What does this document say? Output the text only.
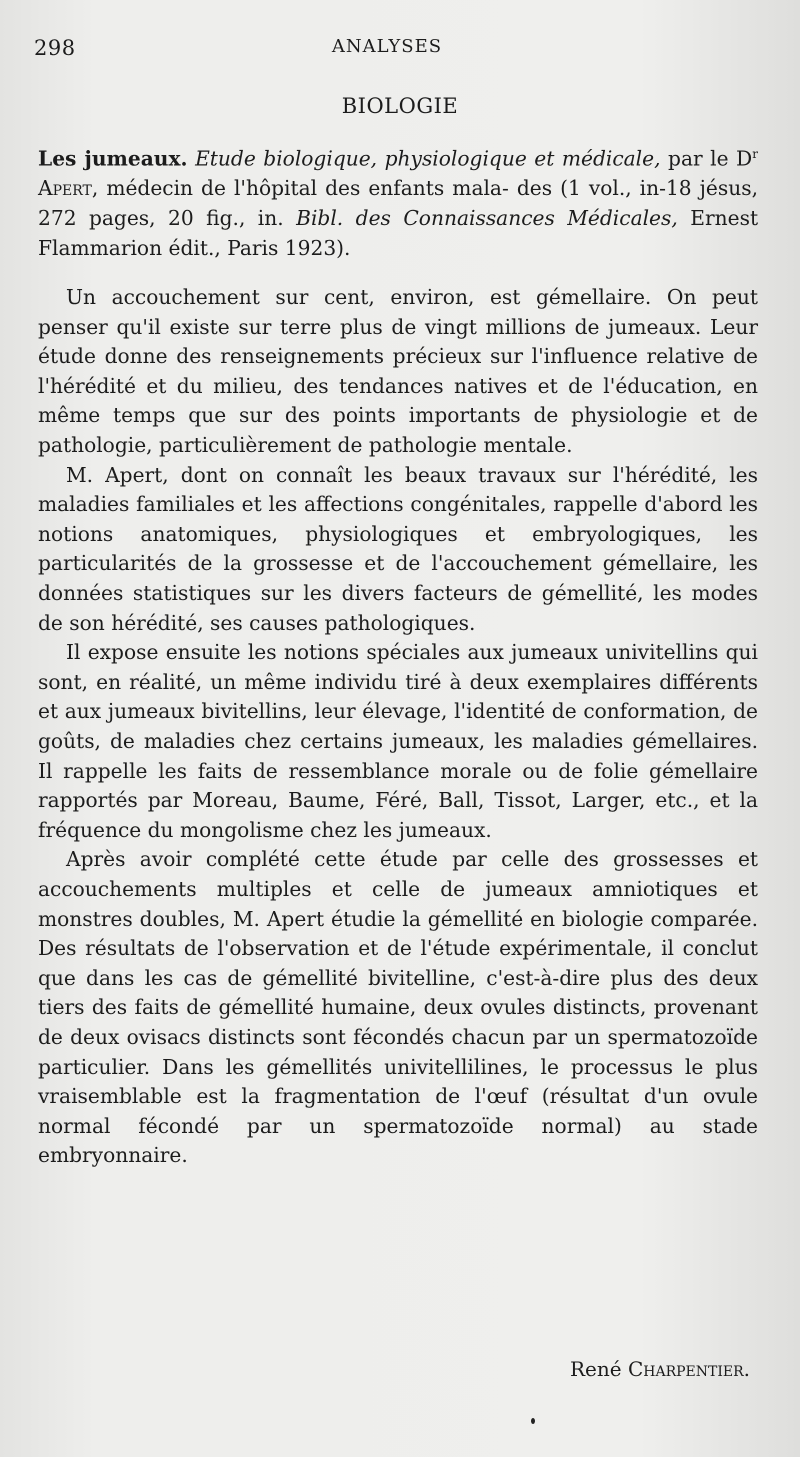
298	ANALYSES
BIOLOGIE

Les jumeaux. Etude biologique, physiologique et médicale, par le $D^r$ Apert, médecin de l'hôpital des enfants mala- des (1 vol., in-18 jésus, 272 pages, 20 fig., in. Bibl. des Connaissances Médicales, Ernest Flammarion édit., Paris 1923).

Un accouchement sur cent, environ, est gémellaire. On peut penser qu'il existe sur terre plus de vingt millions de jumeaux. Leur étude donne des renseignements précieux sur l'influence relative de l'hérédité et du milieu, des tendances natives et de l'éducation, en même temps que sur des points importants de physiologie et de pathologie, particulièrement de pathologie mentale.

M. Apert, dont on connaît les beaux travaux sur l'hérédité, les maladies familiales et les affections congénitales, rappelle d'abord les notions anatomiques, physiologiques et embryologiques, les particularités de la grossesse et de l'accouchement gémellaire, les données statistiques sur les divers facteurs de gémellité, les modes de son hérédité, ses causes pathologiques.

Il expose ensuite les notions spéciales aux jumeaux univitellins qui sont, en réalité, un même individu tiré à deux exemplaires différents et aux jumeaux bivitellins, leur élevage, l'identité de conformation, de goûts, de maladies chez certains jumeaux, les maladies gémellaires. Il rappelle les faits de ressemblance morale ou de folie gémellaire rapportés par Moreau, Baume, Féré, Ball, Tissot, Larger, etc., et la fréquence du mongolisme chez les jumeaux.

Après avoir complété cette étude par celle des grossesses et accouchements multiples et celle de jumeaux amniotiques et monstres doubles, M. Apert étudie la gémellité en biologie comparée. Des résultats de l'observation et de l'étude expérimentale, il conclut que dans les cas de gémellité bivitelline, c'est-à-dire plus des deux tiers des faits de gémellité humaine, deux ovules distincts, provenant de deux ovisacs distincts sont fécondés chacun par un spermatozoïde particulier. Dans les gémellités univitellilines, le processus le plus vraisemblable est la fragmentation de l'œuf (résultat d'un ovule normal fécondé par un spermatozoïde normal) au stade embryonnaire.

René Charpentier.
